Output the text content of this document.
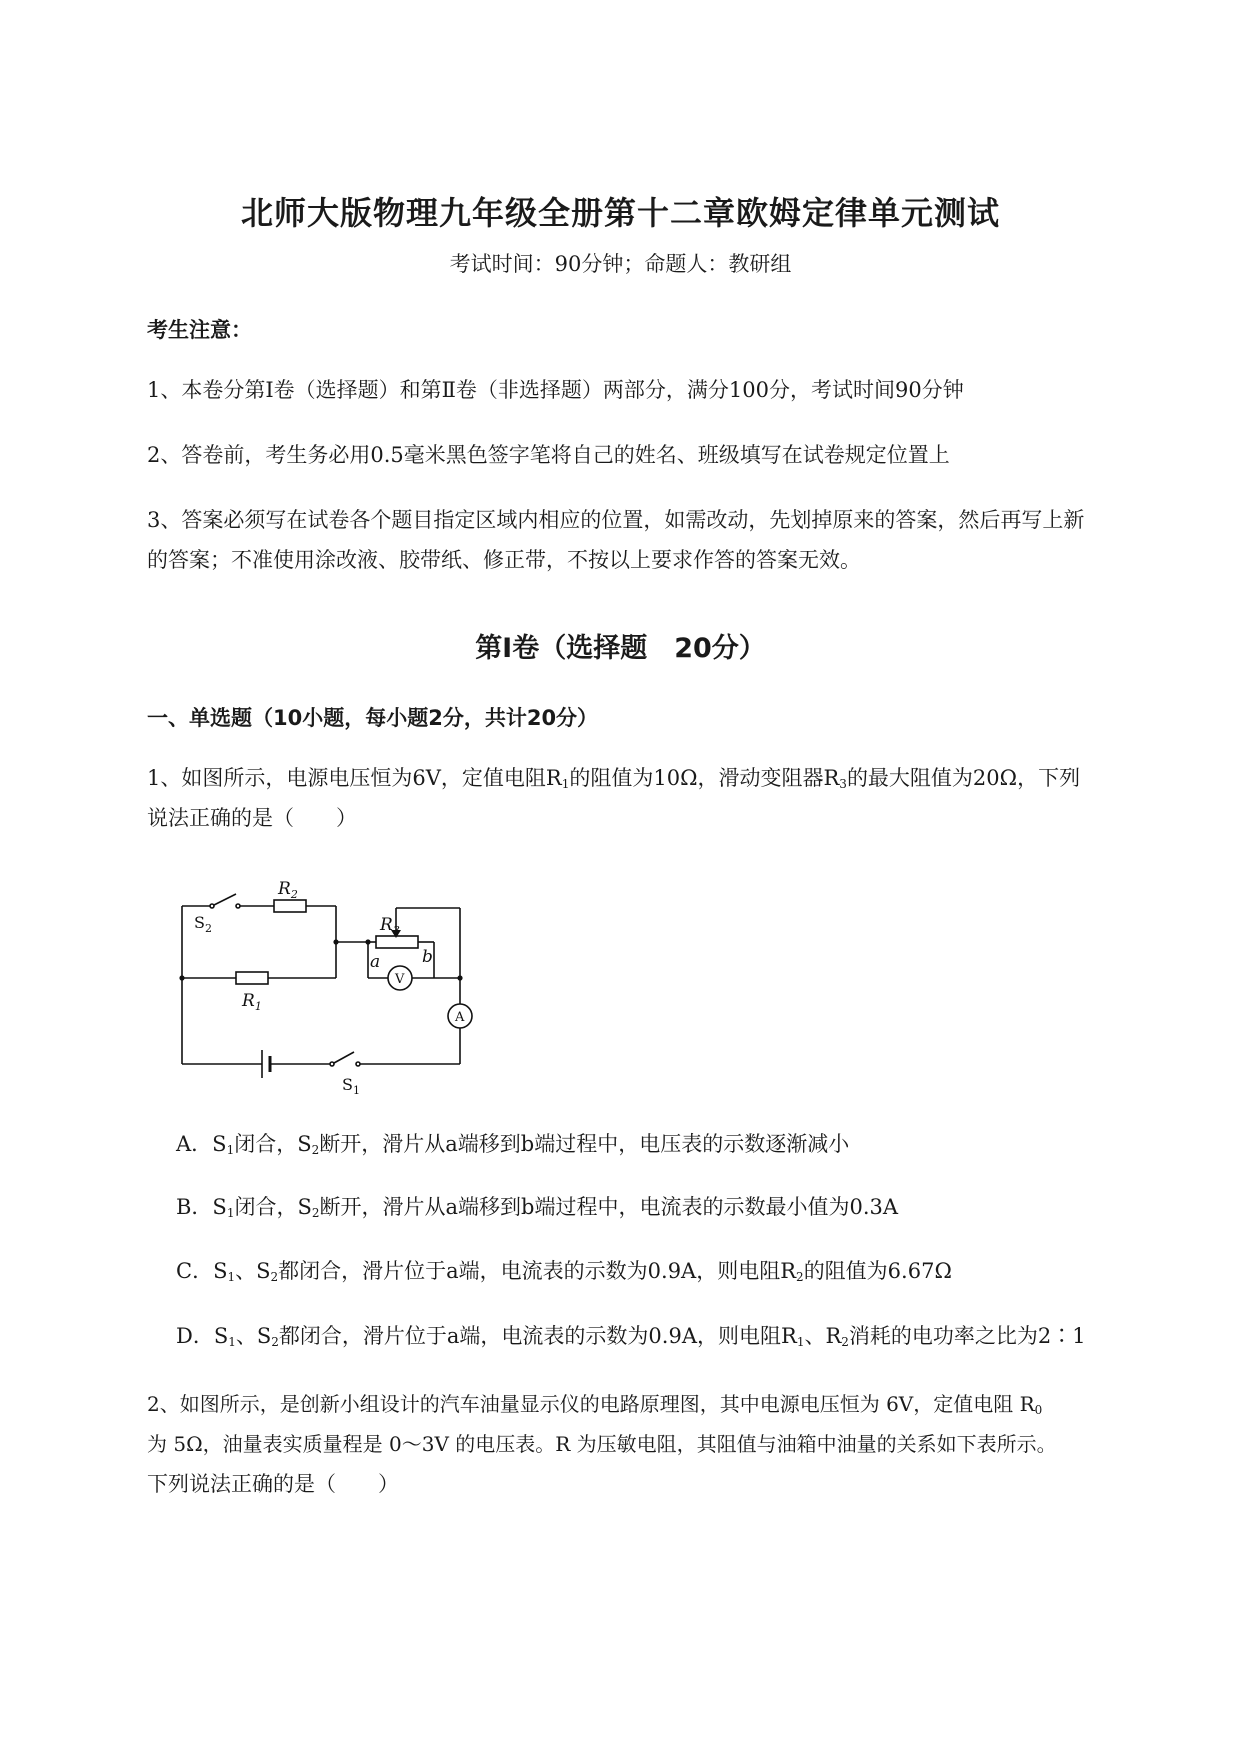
北师大版物理九年级全册第十二章欧姆定律单元测试
考试时间：90分钟；命题人：教研组
考生注意：
1、本卷分第Ⅰ卷（选择题）和第Ⅱ卷（非选择题）两部分，满分100分，考试时间90分钟
2、答卷前，考生务必用0.5毫米黑色签字笔将自己的姓名、班级填写在试卷规定位置上
3、答案必须写在试卷各个题目指定区域内相应的位置，如需改动，先划掉原来的答案，然后再写上新
的答案；不准使用涂改液、胶带纸、修正带，不按以上要求作答的答案无效。
第Ⅰ卷（选择题　20分）
一、单选题（10小题，每小题2分，共计20分）
1、如图所示，电源电压恒为6V，定值电阻$R_1$的阻值为10Ω，滑动变阻器$R_3$的最大阻值为20Ω，下列
说法正确的是（　　）
$R_2$
$S_2$	$R_3$
a b
V
$R_1$
A
$S_1$
A．$S_1$闭合，$S_2$断开，滑片从a端移到b端过程中，电压表的示数逐渐减小
B．$S_1$闭合，$S_2$断开，滑片从a端移到b端过程中，电流表的示数最小值为0.3A
C．$S_1$、$S_2$都闭合，滑片位于a端，电流表的示数为0.9A，则电阻$R_2$的阻值为6.67Ω
D．$S_1$、$S_2$都闭合，滑片位于a端，电流表的示数为0.9A，则电阻$R_1$、$R_2$消耗的电功率之比为2∶1
2、如图所示，是创新小组设计的汽车油量显示仪的电路原理图，其中电源电压恒为 6V，定值电阻 $R_0$
为 5Ω，油量表实质量程是 0～3V 的电压表。R 为压敏电阻，其阻值与油箱中油量的关系如下表所示。
下列说法正确的是（　　）
